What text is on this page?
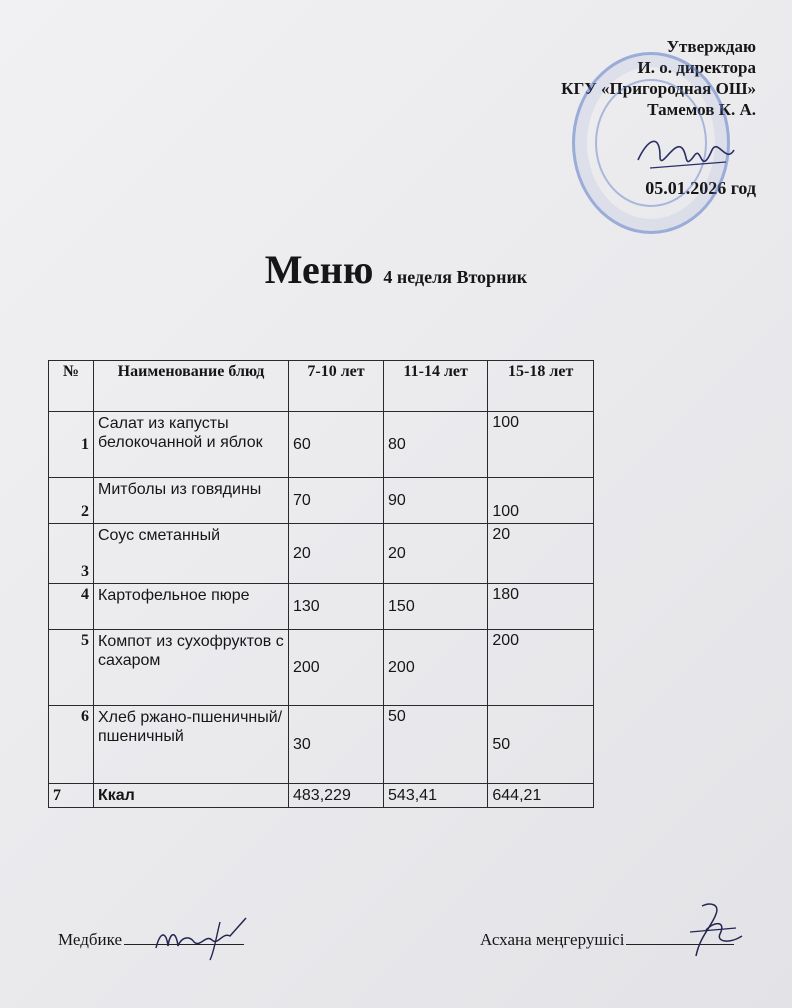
Утверждаю
И. о. директора
КГУ «Пригородная ОШ»
Тамемов К. А.
05.01.2026 год
Меню 4 неделя Вторник
№	Наименование блюд	7-10 лет	11-14 лет	15-18 лет
1	Салат из капусты белокочанной и яблок	60	80	100
2	Митболы из говядины	70	90	100
3	Соус сметанный	20	20	20
4	Картофельное пюре	130	150	180
5	Компот из сухофруктов с сахаром	200	200	200
6	Хлеб ржано-пшеничный/ пшеничный	30	50	50
7	Ккал	483,229	543,41	644,21
Медбике	Асхана меңгерушісі
